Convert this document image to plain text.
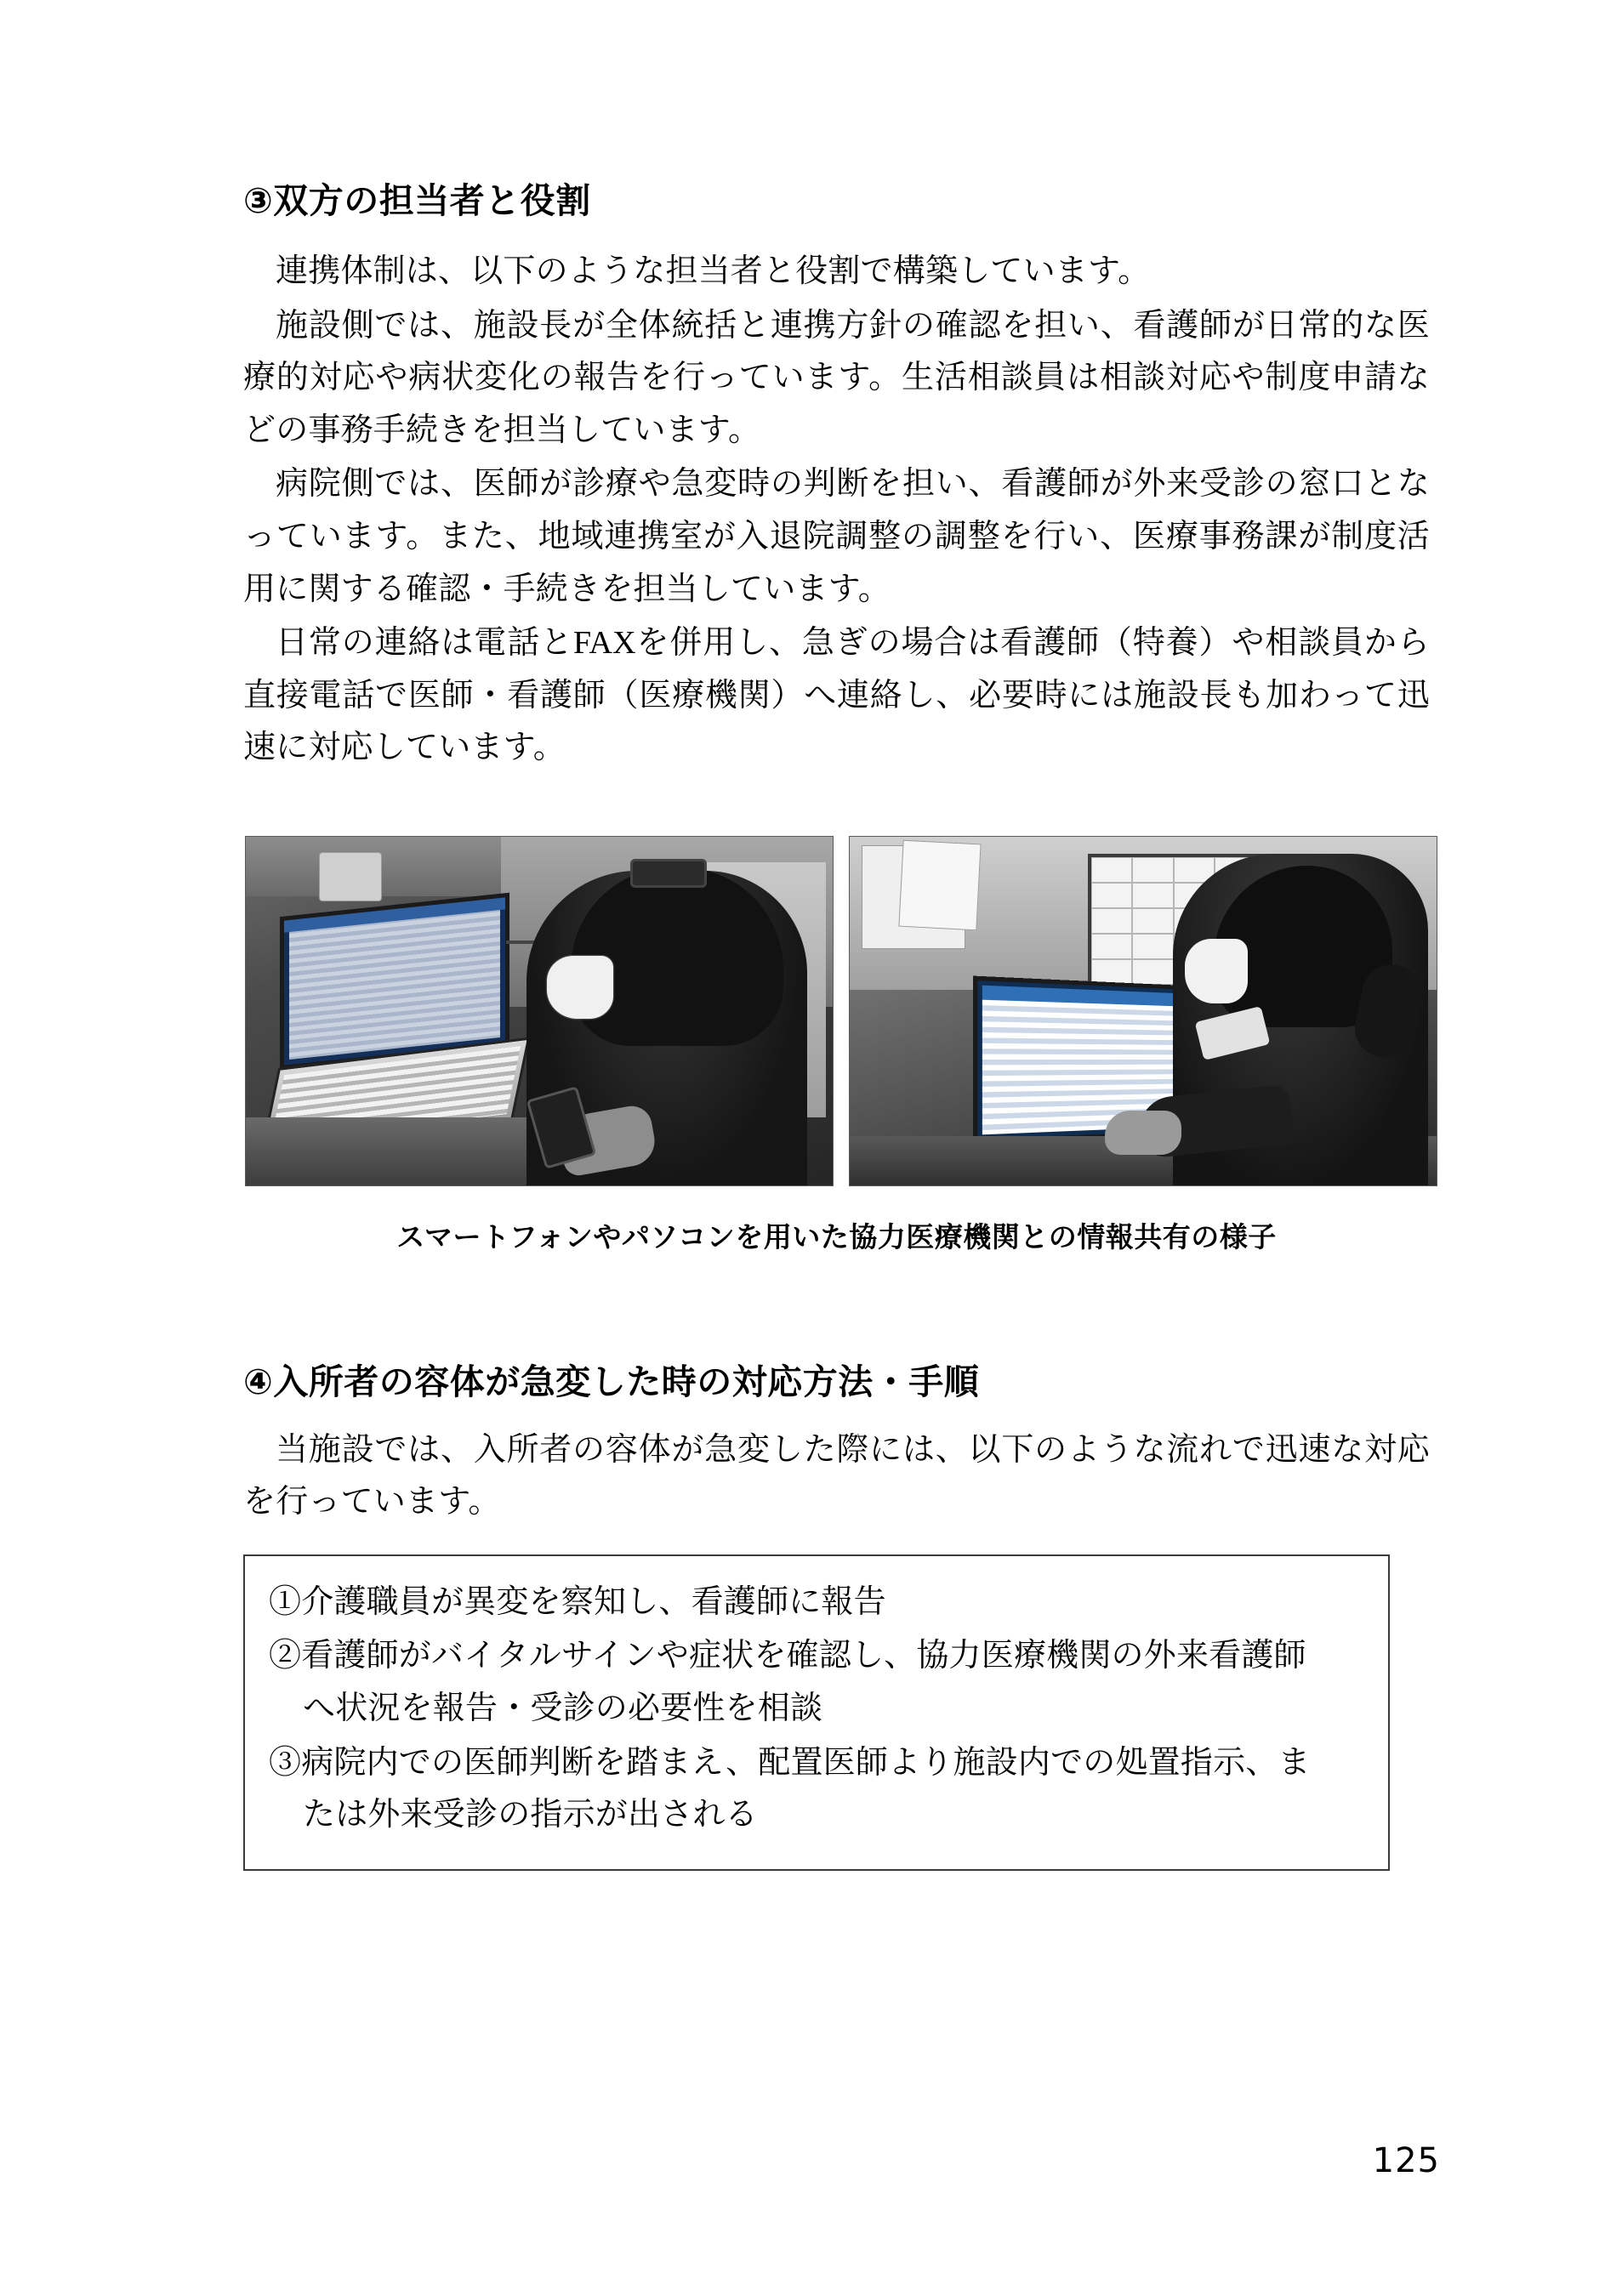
③双方の担当者と役割

連携体制は、以下のような担当者と役割で構築しています。

施設側では、施設長が全体統括と連携方針の確認を担い、看護師が日常的な医療的対応や病状変化の報告を行っています。生活相談員は相談対応や制度申請などの事務手続きを担当しています。

病院側では、医師が診療や急変時の判断を担い、看護師が外来受診の窓口となっています。また、地域連携室が入退院調整の調整を行い、医療事務課が制度活用に関する確認・手続きを担当しています。

日常の連絡は電話とFAXを併用し、急ぎの場合は看護師（特養）や相談員から直接電話で医師・看護師（医療機関）へ連絡し、必要時には施設長も加わって迅速に対応しています。

スマートフォンやパソコンを用いた協力医療機関との情報共有の様子
④入所者の容体が急変した時の対応方法・手順

当施設では、入所者の容体が急変した際には、以下のような流れで迅速な対応を行っています。

①介護職員が異変を察知し、看護師に報告
②看護師がバイタルサインや症状を確認し、協力医療機関の外来看護師
へ状況を報告・受診の必要性を相談
③病院内での医師判断を踏まえ、配置医師より施設内での処置指示、ま
たは外来受診の指示が出される
125
